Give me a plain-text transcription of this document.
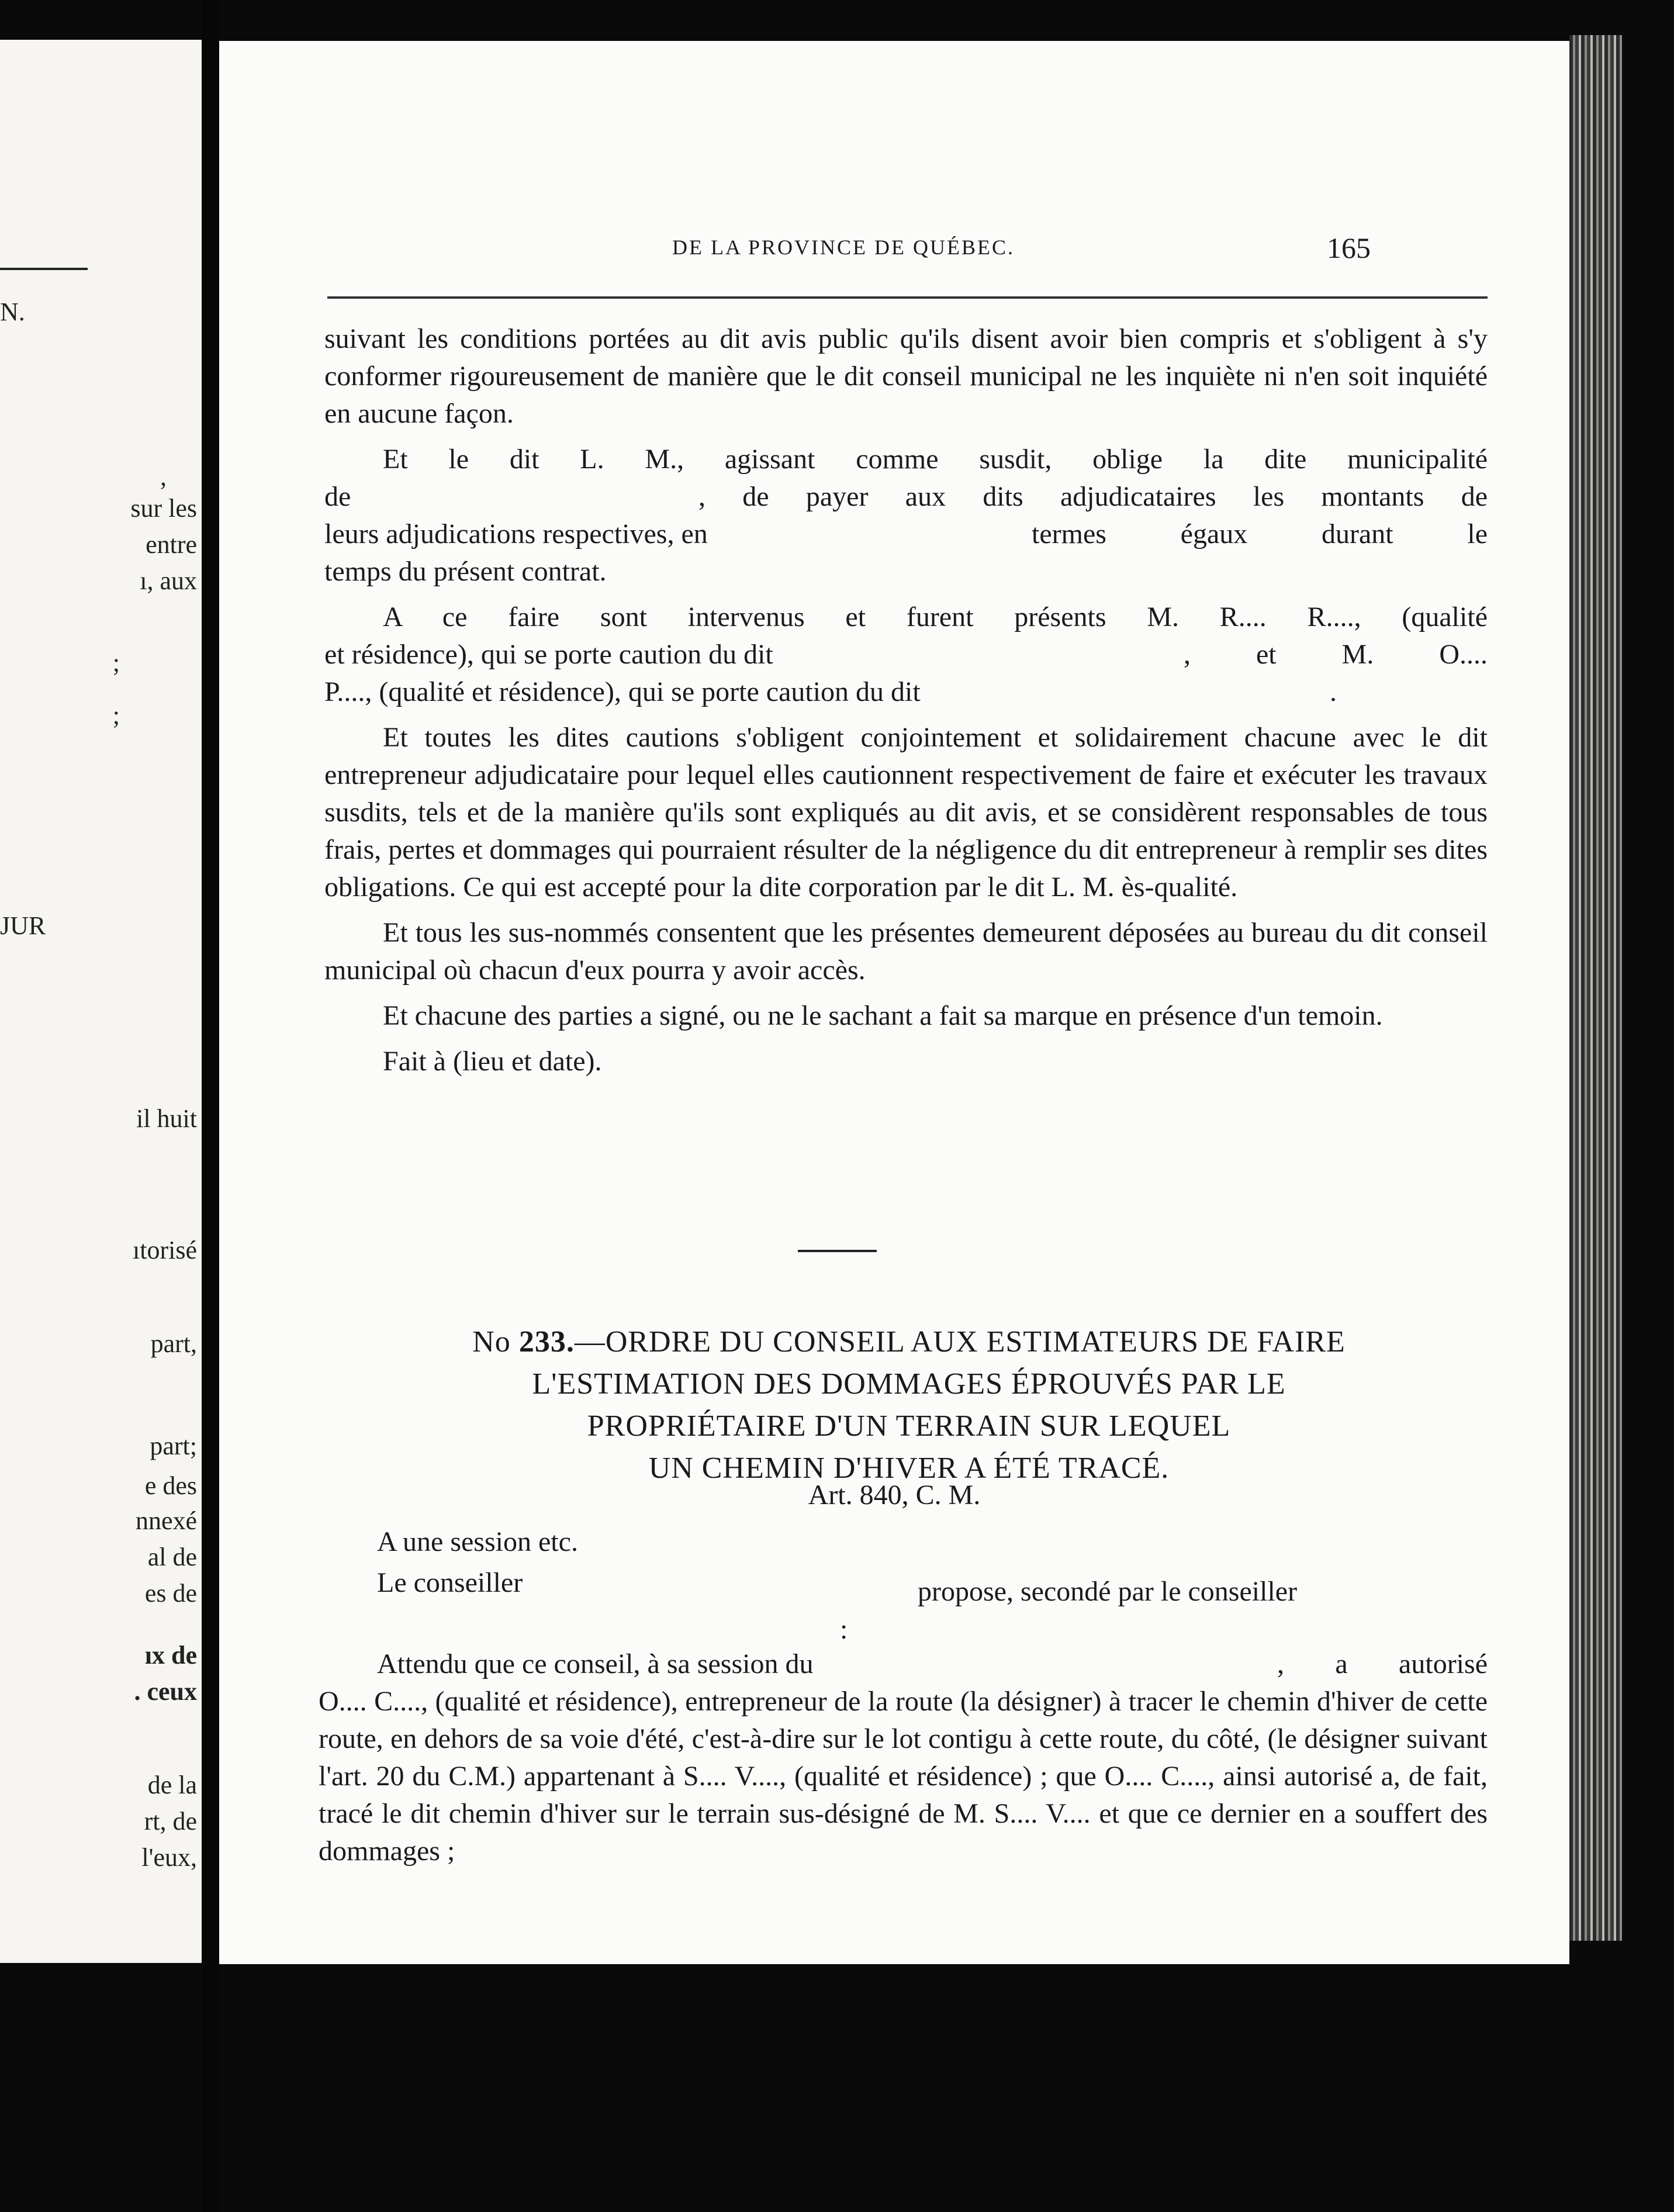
N.
,
sur les
entre
ı, aux
;
;
JUR
il huit
ıtorisé
part,
part;
e des
nnexé
al de
es de
ıx de
. ceux
de la
rt, de
l'eux,
DE LA PROVINCE DE QUÉBEC.	165

suivant les conditions portées au dit avis public qu'ils disent avoir bien compris et s'obligent à s'y conformer rigoureusement de manière que le dit conseil municipal ne les inquiète ni n'en soit inquiété en aucune façon.

Et le dit L. M., agissant comme susdit, oblige la dite municipalité

de	, de payer aux dits adjudicataires les montants de
leurs adjudications respectives, en	termes égaux durant le

temps du présent contrat.

A ce faire sont intervenus et furent présents M. R.... R...., (qualité

et résidence), qui se porte caution du dit	, et M. O....
P...., (qualité et résidence), qui se porte caution du dit	.

Et toutes les dites cautions s'obligent conjointement et solidairement chacune avec le dit entrepreneur adjudicataire pour lequel elles cautionnent respectivement de faire et exécuter les travaux susdits, tels et de la manière qu'ils sont expliqués au dit avis, et se considèrent responsables de tous frais, pertes et dommages qui pourraient résulter de la négligence du dit entrepreneur à remplir ses dites obligations. Ce qui est accepté pour la dite corporation par le dit L. M. ès-qualité.

Et tous les sus-nommés consentent que les présentes demeurent déposées au bureau du dit conseil municipal où chacun d'eux pourra y avoir accès.

Et chacune des parties a signé, ou ne le sachant a fait sa marque en présence d'un temoin.

Fait à (lieu et date).

No 233.—ORDRE DU CONSEIL AUX ESTIMATEURS DE FAIRE
L'ESTIMATION DES DOMMAGES ÉPROUVÉS PAR LE
PROPRIÉTAIRE D'UN TERRAIN SUR LEQUEL
UN CHEMIN D'HIVER A ÉTÉ TRACÉ.
Art. 840, C. M.
A une session etc.
Le conseiller	propose, secondé par le conseiller
:
Attendu que ce conseil, à sa session du	, a autorisé

O.... C...., (qualité et résidence), entrepreneur de la route (la désigner) à tracer le chemin d'hiver de cette route, en dehors de sa voie d'été, c'est-à-dire sur le lot contigu à cette route, du côté, (le désigner suivant l'art. 20 du C.M.) appartenant à S.... V...., (qualité et résidence) ; que O.... C...., ainsi autorisé a, de fait, tracé le dit chemin d'hiver sur le terrain sus-désigné de M. S.... V.... et que ce dernier en a souffert des dommages ;
